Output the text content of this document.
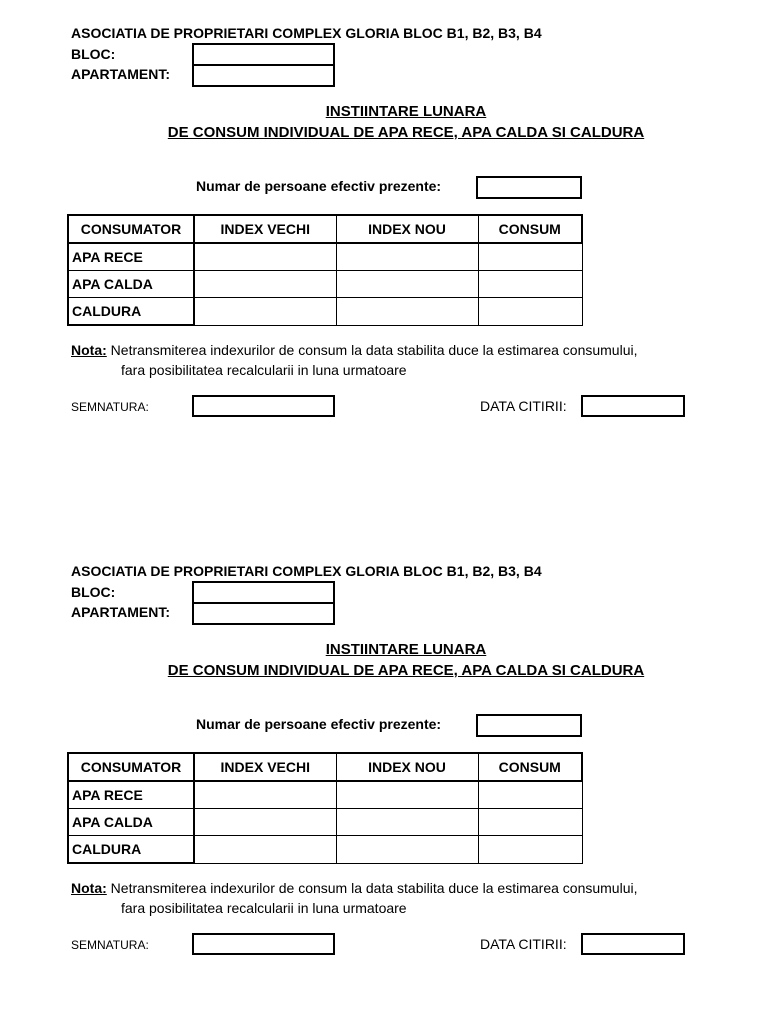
ASOCIATIA DE PROPRIETARI COMPLEX GLORIA BLOC B1, B2, B3, B4
BLOC:
APARTAMENT:
INSTIINTARE LUNARA
DE CONSUM INDIVIDUAL DE APA RECE, APA CALDA SI CALDURA
Numar de persoane efectiv prezente:
CONSUMATOR	INDEX VECHI	INDEX NOU	CONSUM
APA RECE			
APA CALDA			
CALDURA			
Nota: Netransmiterea indexurilor de consum la data stabilita duce la estimarea consumului,
fara posibilitatea recalcularii in luna urmatoare
SEMNATURA:	DATA CITIRII:
ASOCIATIA DE PROPRIETARI COMPLEX GLORIA BLOC B1, B2, B3, B4
BLOC:
APARTAMENT:
INSTIINTARE LUNARA
DE CONSUM INDIVIDUAL DE APA RECE, APA CALDA SI CALDURA
Numar de persoane efectiv prezente:
CONSUMATOR	INDEX VECHI	INDEX NOU	CONSUM
APA RECE			
APA CALDA			
CALDURA			
Nota: Netransmiterea indexurilor de consum la data stabilita duce la estimarea consumului,
fara posibilitatea recalcularii in luna urmatoare
SEMNATURA:	DATA CITIRII:
